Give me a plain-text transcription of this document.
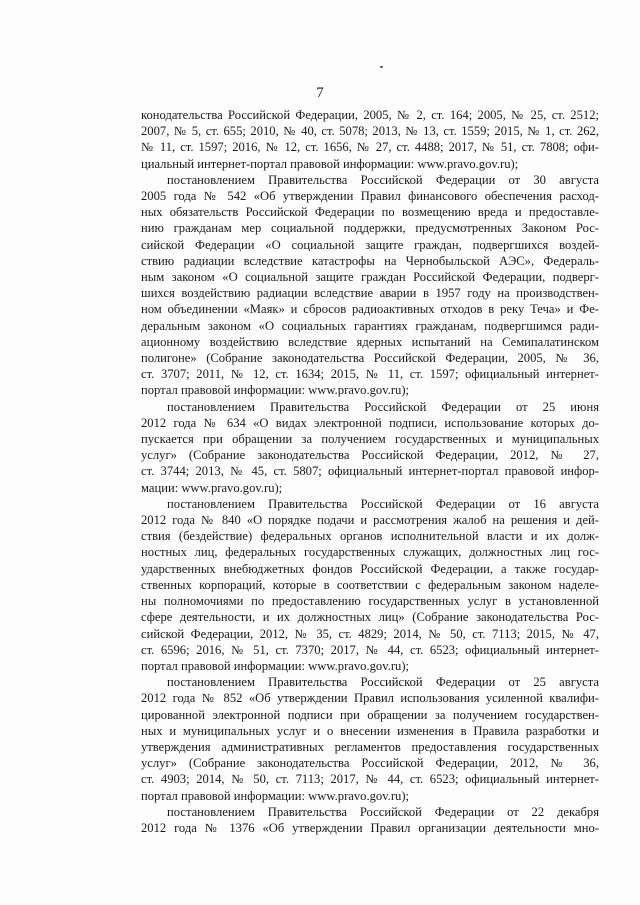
7
конодательства Российской Федерации, 2005, № 2, ст. 164; 2005, № 25, ст. 2512;
2007, № 5, ст. 655; 2010, № 40, ст. 5078; 2013, № 13, ст. 1559; 2015, № 1, ст. 262,
№ 11, ст. 1597; 2016, № 12, ст. 1656, № 27, ст. 4488; 2017, № 51, ст. 7808; офи-
циальный интернет-портал правовой информации: www.pravo.gov.ru);
постановлением Правительства Российской Федерации от 30 августа
2005 года № 542 «Об утверждении Правил финансового обеспечения расход-
ных обязательств Российской Федерации по возмещению вреда и предоставле-
нию гражданам мер социальной поддержки, предусмотренных Законом Рос-
сийской Федерации «О социальной защите граждан, подвергшихся воздей-
ствию радиации вследствие катастрофы на Чернобыльской АЭС», Федераль-
ным законом «О социальной защите граждан Российской Федерации, подверг-
шихся воздействию радиации вследствие аварии в 1957 году на производствен-
ном объединении «Маяк» и сбросов радиоактивных отходов в реку Теча» и Фе-
деральным законом «О социальных гарантиях гражданам, подвергшимся ради-
ационному воздействию вследствие ядерных испытаний на Семипалатинском
полигоне» (Собрание законодательства Российской Федерации, 2005, № 36,
ст. 3707; 2011, № 12, ст. 1634; 2015, № 11, ст. 1597; официальный интернет-
портал правовой информации: www.pravo.gov.ru);
постановлением Правительства Российской Федерации от 25 июня
2012 года № 634 «О видах электронной подписи, использование которых до-
пускается при обращении за получением государственных и муниципальных
услуг» (Собрание законодательства Российской Федерации, 2012, № 27,
ст. 3744; 2013, № 45, ст. 5807; официальный интернет-портал правовой инфор-
мации: www.pravo.gov.ru);
постановлением Правительства Российской Федерации от 16 августа
2012 года № 840 «О порядке подачи и рассмотрения жалоб на решения и дей-
ствия (бездействие) федеральных органов исполнительной власти и их долж-
ностных лиц, федеральных государственных служащих, должностных лиц гос-
ударственных внебюджетных фондов Российской Федерации, а также государ-
ственных корпораций, которые в соответствии с федеральным законом наделе-
ны полномочиями по предоставлению государственных услуг в установленной
сфере деятельности, и их должностных лиц» (Собрание законодательства Рос-
сийской Федерации, 2012, № 35, ст. 4829; 2014, № 50, ст. 7113; 2015, № 47,
ст. 6596; 2016, № 51, ст. 7370; 2017, № 44, ст. 6523; официальный интернет-
портал правовой информации: www.pravo.gov.ru);
постановлением Правительства Российской Федерации от 25 августа
2012 года № 852 «Об утверждении Правил использования усиленной квалифи-
цированной электронной подписи при обращении за получением государствен-
ных и муниципальных услуг и о внесении изменения в Правила разработки и
утверждения административных регламентов предоставления государственных
услуг» (Собрание законодательства Российской Федерации, 2012, № 36,
ст. 4903; 2014, № 50, ст. 7113; 2017, № 44, ст. 6523; официальный интернет-
портал правовой информации: www.pravo.gov.ru);
постановлением Правительства Российской Федерации от 22 декабря
2012 года № 1376 «Об утверждении Правил организации деятельности мно-
